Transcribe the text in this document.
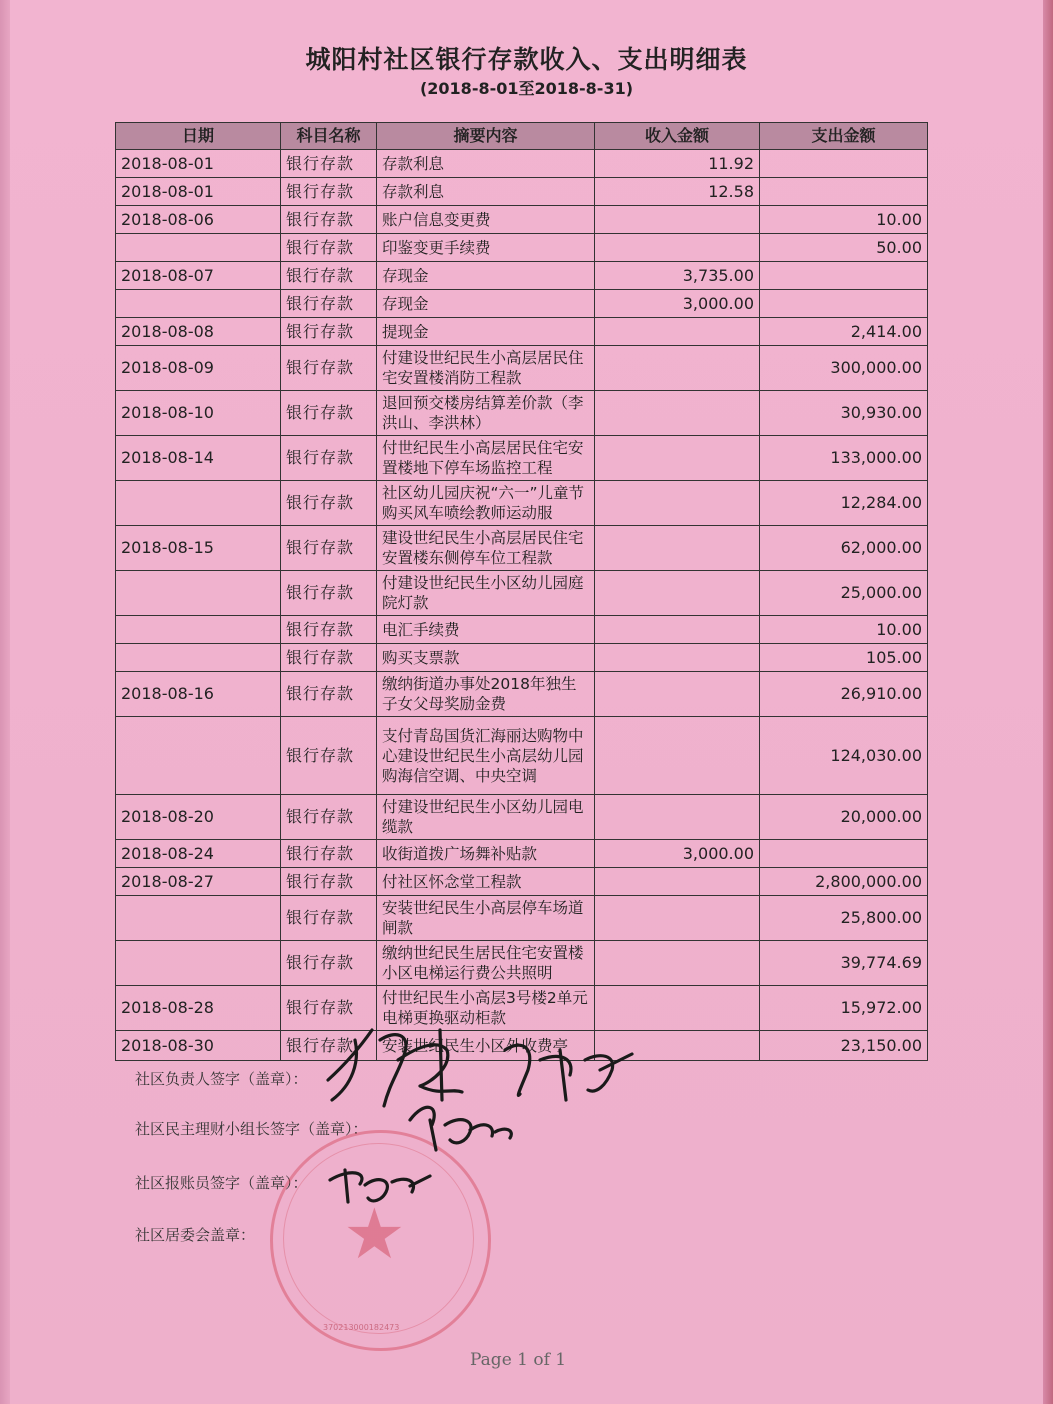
城阳村社区银行存款收入、支出明细表
(2018-8-01至2018-8-31)
日期	科目名称	摘要内容	收入金额	支出金额
2018-08-01	银行存款	存款利息	11.92	
2018-08-01	银行存款	存款利息	12.58	
2018-08-06	银行存款	账户信息变更费		10.00
	银行存款	印鉴变更手续费		50.00
2018-08-07	银行存款	存现金	3,735.00	
	银行存款	存现金	3,000.00	
2018-08-08	银行存款	提现金		2,414.00
2018-08-09	银行存款	付建设世纪民生小高层居民住宅安置楼消防工程款		300,000.00
2018-08-10	银行存款	退回预交楼房结算差价款（李洪山、李洪林）		30,930.00
2018-08-14	银行存款	付世纪民生小高层居民住宅安置楼地下停车场监控工程		133,000.00
	银行存款	社区幼儿园庆祝“六一”儿童节购买风车喷绘教师运动服		12,284.00
2018-08-15	银行存款	建设世纪民生小高层居民住宅安置楼东侧停车位工程款		62,000.00
	银行存款	付建设世纪民生小区幼儿园庭院灯款		25,000.00
	银行存款	电汇手续费		10.00
	银行存款	购买支票款		105.00
2018-08-16	银行存款	缴纳街道办事处2018年独生子女父母奖励金费		26,910.00
	银行存款	支付青岛国货汇海丽达购物中心建设世纪民生小高层幼儿园购海信空调、中央空调		124,030.00
2018-08-20	银行存款	付建设世纪民生小区幼儿园电缆款		20,000.00
2018-08-24	银行存款	收街道拨广场舞补贴款	3,000.00	
2018-08-27	银行存款	付社区怀念堂工程款		2,800,000.00
	银行存款	安装世纪民生小高层停车场道闸款		25,800.00
	银行存款	缴纳世纪民生居民住宅安置楼小区电梯运行费公共照明		39,774.69
2018-08-28	银行存款	付世纪民生小高层3号楼2单元电梯更换驱动柜款		15,972.00
2018-08-30	银行存款	安装世纪民生小区外收费亭		23,150.00
社区负责人签字（盖章）：
社区民主理财小组长签字（盖章）：
社区报账员签字（盖章）：
社区居委会盖章： ★
370213000182473
Page 1 of 1
